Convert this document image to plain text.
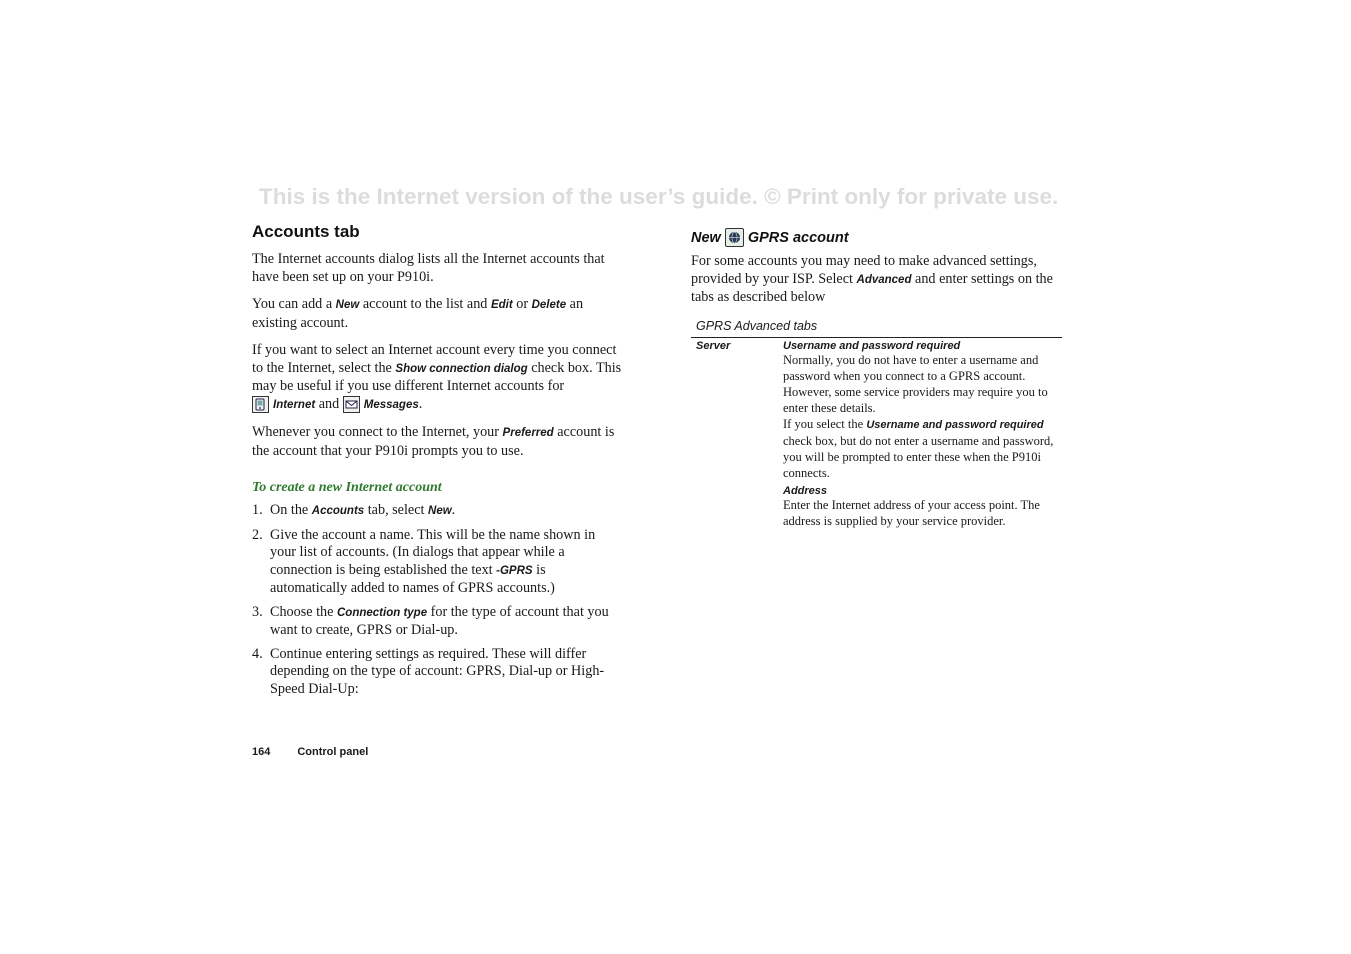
This is the Internet version of the user’s guide. © Print only for private use.
Accounts tab

The Internet accounts dialog lists all the Internet accounts that have been set up on your P910i.

You can add a New account to the list and Edit or Delete an existing account.

If you want to select an Internet account every time you connect to the Internet, select the Show connection dialog check box. This may be useful if you use different Internet accounts for

Internet and
Messages.

Whenever you connect to the Internet, your Preferred account is the account that your P910i prompts you to use.

To create a new Internet account
1. On the Accounts tab, select New.
2. Give the account a name. This will be the name shown in your list of accounts. (In dialogs that appear while a connection is being established the text -GPRS is automatically added to names of GPRS accounts.)
3. Choose the Connection type for the type of account that you want to create, GPRS or Dial-up.
4. Continue entering settings as required. These will differ depending on the type of account: GPRS, Dial-up or High-Speed Dial-Up:
New GPRS account

For some accounts you may need to make advanced settings, provided by your ISP. Select Advanced and enter settings on the tabs as described below

GPRS Advanced tabs
Server	Username and password required
Normally, you do not have to enter a username and password when you connect to a GPRS account. However, some service providers may require you to enter these details.
If you select the Username and password required check box, but do not enter a username and password, you will be prompted to enter these when the P910i connects.
Address
Enter the Internet address of your access point. The address is supplied by your service provider.
164 Control panel
